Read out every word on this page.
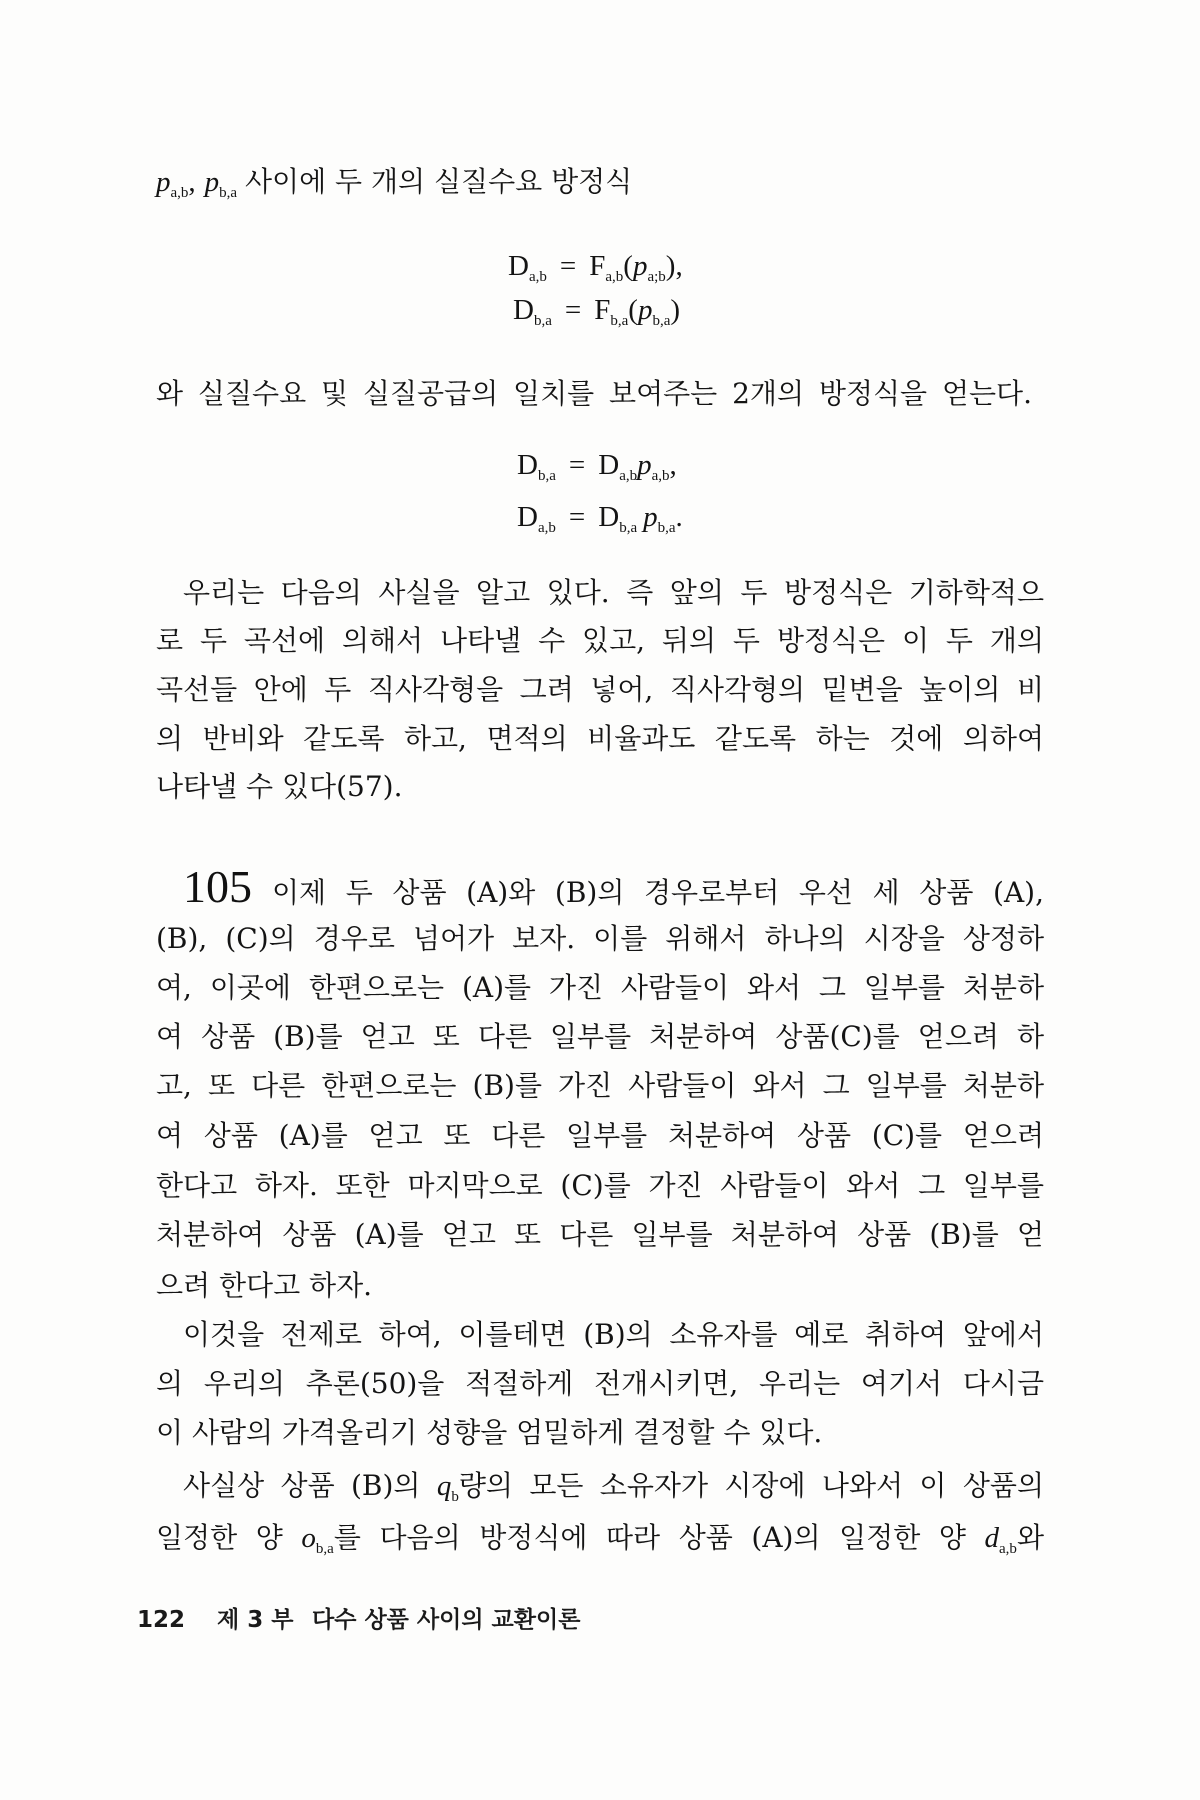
$p_{a,b}$, $p_{b,a}$ 사이에 두 개의 실질수요 방정식
$D_{a,b} = F_{a,b}(p_{a;b})$,
$D_{b,a} = F_{b,a}(p_{b,a})$
와 실질수요 및 실질공급의 일치를 보여주는 2개의 방정식을 얻는다.
$D_{b,a} = D_{a,b}p_{a,b}$,
$D_{a,b} = D_{b,a}$ $p_{b,a}$.
우리는 다음의 사실을 알고 있다. 즉 앞의 두 방정식은 기하학적으
로 두 곡선에 의해서 나타낼 수 있고, 뒤의 두 방정식은 이 두 개의
곡선들 안에 두 직사각형을 그려 넣어, 직사각형의 밑변을 높이의 비
의 반비와 같도록 하고, 면적의 비율과도 같도록 하는 것에 의하여
나타낼 수 있다(57).
105 이제 두 상품 (A)와 (B)의 경우로부터 우선 세 상품 (A),
(B), (C)의 경우로 넘어가 보자. 이를 위해서 하나의 시장을 상정하
여, 이곳에 한편으로는 (A)를 가진 사람들이 와서 그 일부를 처분하
여 상품 (B)를 얻고 또 다른 일부를 처분하여 상품(C)를 얻으려 하
고, 또 다른 한편으로는 (B)를 가진 사람들이 와서 그 일부를 처분하
여 상품 (A)를 얻고 또 다른 일부를 처분하여 상품 (C)를 얻으려
한다고 하자. 또한 마지막으로 (C)를 가진 사람들이 와서 그 일부를
처분하여 상품 (A)를 얻고 또 다른 일부를 처분하여 상품 (B)를 얻
으려 한다고 하자.
이것을 전제로 하여, 이를테면 (B)의 소유자를 예로 취하여 앞에서
의 우리의 추론(50)을 적절하게 전개시키면, 우리는 여기서 다시금
이 사람의 가격올리기 성향을 엄밀하게 결정할 수 있다.
사실상 상품 (B)의 $q_b$량의 모든 소유자가 시장에 나와서 이 상품의
일정한 양 $o_{b,a}$를 다음의 방정식에 따라 상품 (A)의 일정한 양 $d_{a,b}$와
122 제 3 부 다수 상품 사이의 교환이론
